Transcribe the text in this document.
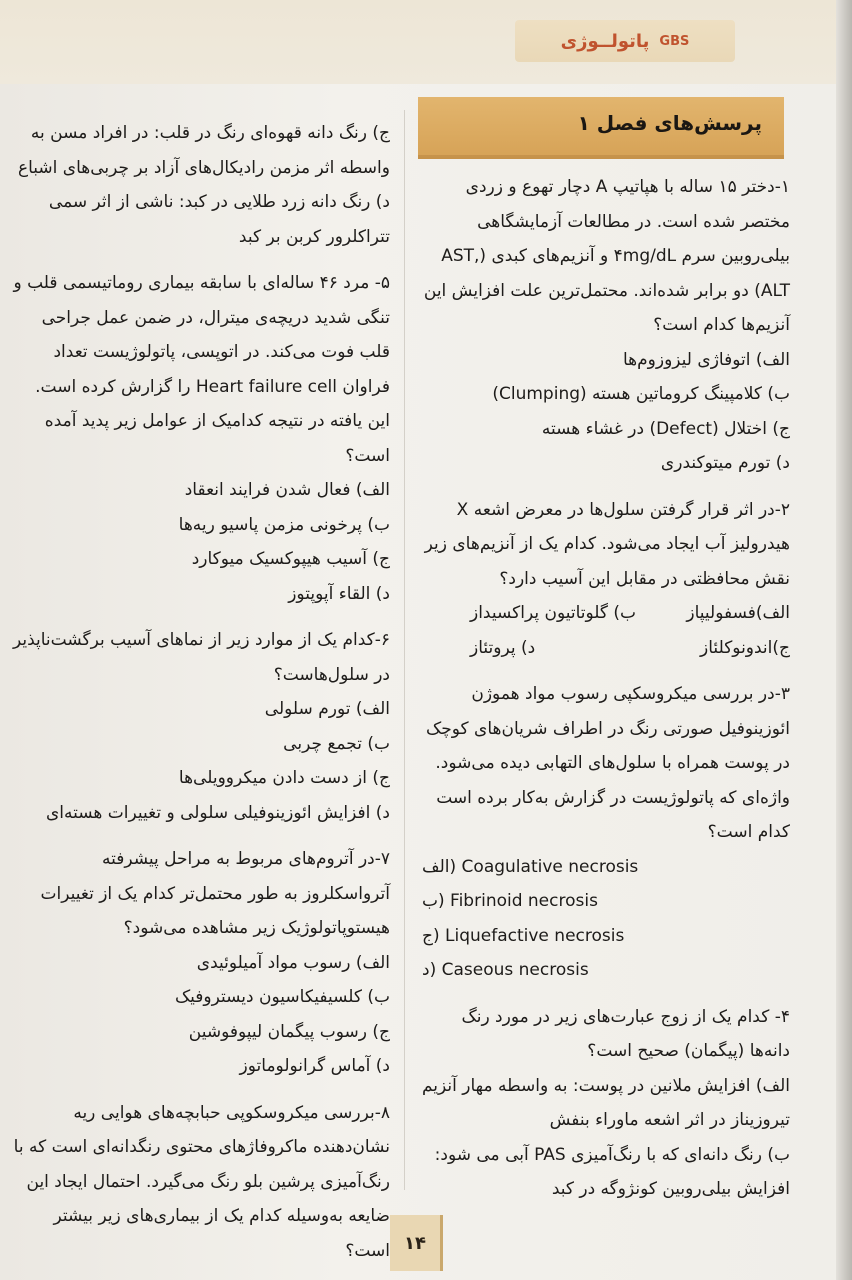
پاتولــوژی GBS
پرسش‌های فصل ۱
۱-دختر ۱۵ ساله با هپاتیپ A دچار تهوع و زردی مختصر شده است. در مطالعات آزمایشگاهی بیلی‌روبین سرم ۴mg/dL و آنزیم‌های کبدی (AST, ALT) دو برابر شده‌اند. محتمل‌ترین علت افزایش این آنزیم‌ها کدام است؟
الف) اتوفاژی لیزوزوم‌ها
ب) کلامپینگ کروماتین هسته (Clumping)
ج) اختلال (Defect) در غشاء هسته
د) تورم میتوکندری
۲-در اثر قرار گرفتن سلول‌ها در معرض اشعه X هیدرولیز آب ایجاد می‌شود. کدام یک از آنزیم‌های زیر نقش محافظتی در مقابل این آسیب دارد؟
الف)فسفولیپاز
ب) گلوتاتیون پراکسیداز
ج)اندونوکلئاز
د) پروتئاز
۳-در بررسی میکروسکپی رسوب مواد هموژن ائوزینوفیل صورتی رنگ در اطراف شریان‌های کوچک در پوست همراه با سلول‌های التهابی دیده می‌شود. واژه‌ای که پاتولوژیست در گزارش به‌کار برده است کدام است؟
Coagulative necrosis (الف
Fibrinoid necrosis (ب
Liquefactive necrosis (ج
Caseous necrosis (د
۴- کدام یک از زوج عبارت‌های زیر در مورد رنگ دانه‌ها (پیگمان) صحیح است؟
الف) افزایش ملانین در پوست: به واسطه مهار آنزیم تیروزیناز در اثر اشعه ماوراء بنفش
ب) رنگ دانه‌ای که با رنگ‌آمیزی PAS آبی می شود: افزایش بیلی‌روبین کونژوگه در کبد
ج) رنگ دانه قهوه‌ای رنگ در قلب: در افراد مسن به واسطه اثر مزمن رادیکال‌های آزاد بر چربی‌های اشباع
د) رنگ دانه زرد طلایی در کبد: ناشی از اثر سمی تتراکلرور کربن بر کبد
۵- مرد ۴۶ ساله‌ای با سابقه بیماری روماتیسمی قلب و تنگی شدید دریچه‌ی میترال، در ضمن عمل جراحی قلب فوت می‌کند. در اتوپسی، پاتولوژیست تعداد فراوان Heart failure cell را گزارش کرده است. این یافته در نتیجه کدامیک از عوامل زیر پدید آمده است؟
الف) فعال شدن فرایند انعقاد
ب) پرخونی مزمن پاسیو ریه‌ها
ج) آسیب هیپوکسیک میوکارد
د) القاء آپوپتوز
۶-کدام یک از موارد زیر از نماهای آسیب برگشت‌ناپذیر در سلول‌هاست؟
الف) تورم سلولی
ب) تجمع چربی
ج) از دست دادن میکروویلی‌ها
د) افزایش ائوزینوفیلی سلولی و تغییرات هسته‌ای
۷-در آتروم‌های مربوط به مراحل پیشرفته آترواسکلروز به طور محتمل‌تر کدام یک از تغییرات هیستوپاتولوژیک زیر مشاهده می‌شود؟
الف) رسوب مواد آمیلوئیدی
ب) کلسیفیکاسیون دیستروفیک
ج) رسوب پیگمان لیپوفوشین
د) آماس گرانولوماتوز
۸-بررسی میکروسکوپی حبابچه‌های هوایی ریه نشان‌دهنده ماکروفاژهای محتوی رنگدانه‌ای است که با رنگ‌آمیزی پرشین بلو رنگ می‌گیرد. احتمال ایجاد این ضایعه به‌وسیله کدام یک از بیماری‌های زیر بیشتر است؟ ۱۴
